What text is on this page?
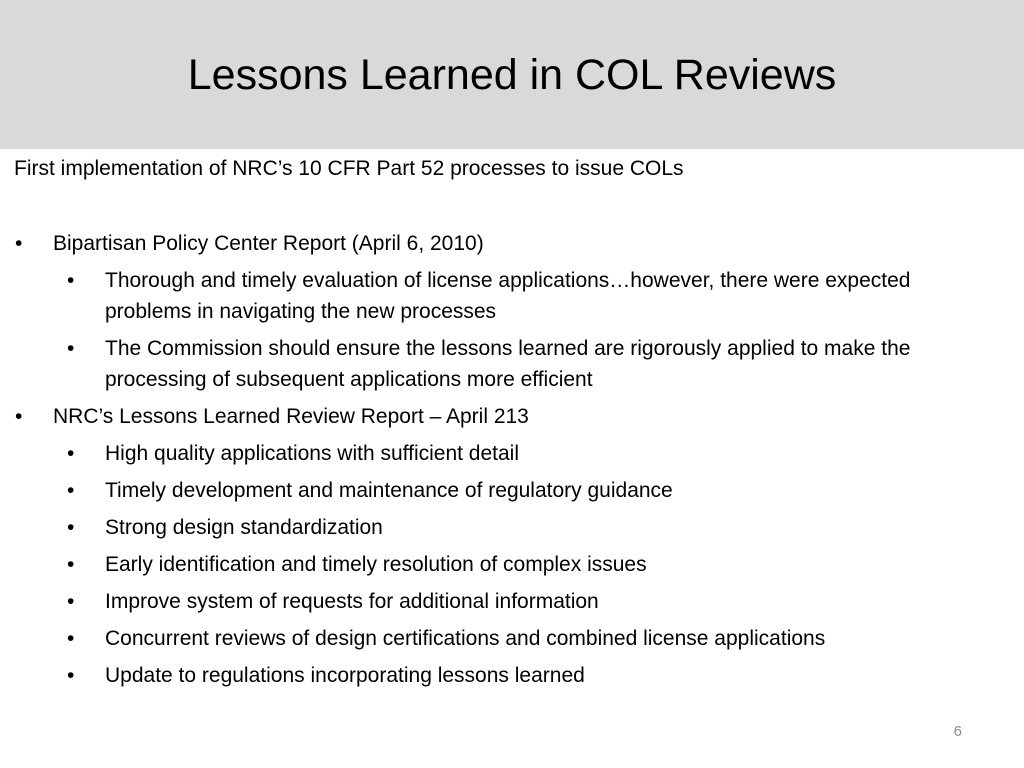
Lessons Learned in COL Reviews

First implementation of NRC’s 10 CFR Part 52 processes to issue COLs

• Bipartisan Policy Center Report (April 6, 2010)
• Thorough and timely evaluation of license applications…however, there were expected problems in navigating the new processes
• The Commission should ensure the lessons learned are rigorously applied to make the processing of subsequent applications more efficient
• NRC’s Lessons Learned Review Report – April 213
• High quality applications with sufficient detail
• Timely development and maintenance of regulatory guidance
• Strong design standardization
• Early identification and timely resolution of complex issues
• Improve system of requests for additional information
• Concurrent reviews of design certifications and combined license applications
• Update to regulations incorporating lessons learned
6
